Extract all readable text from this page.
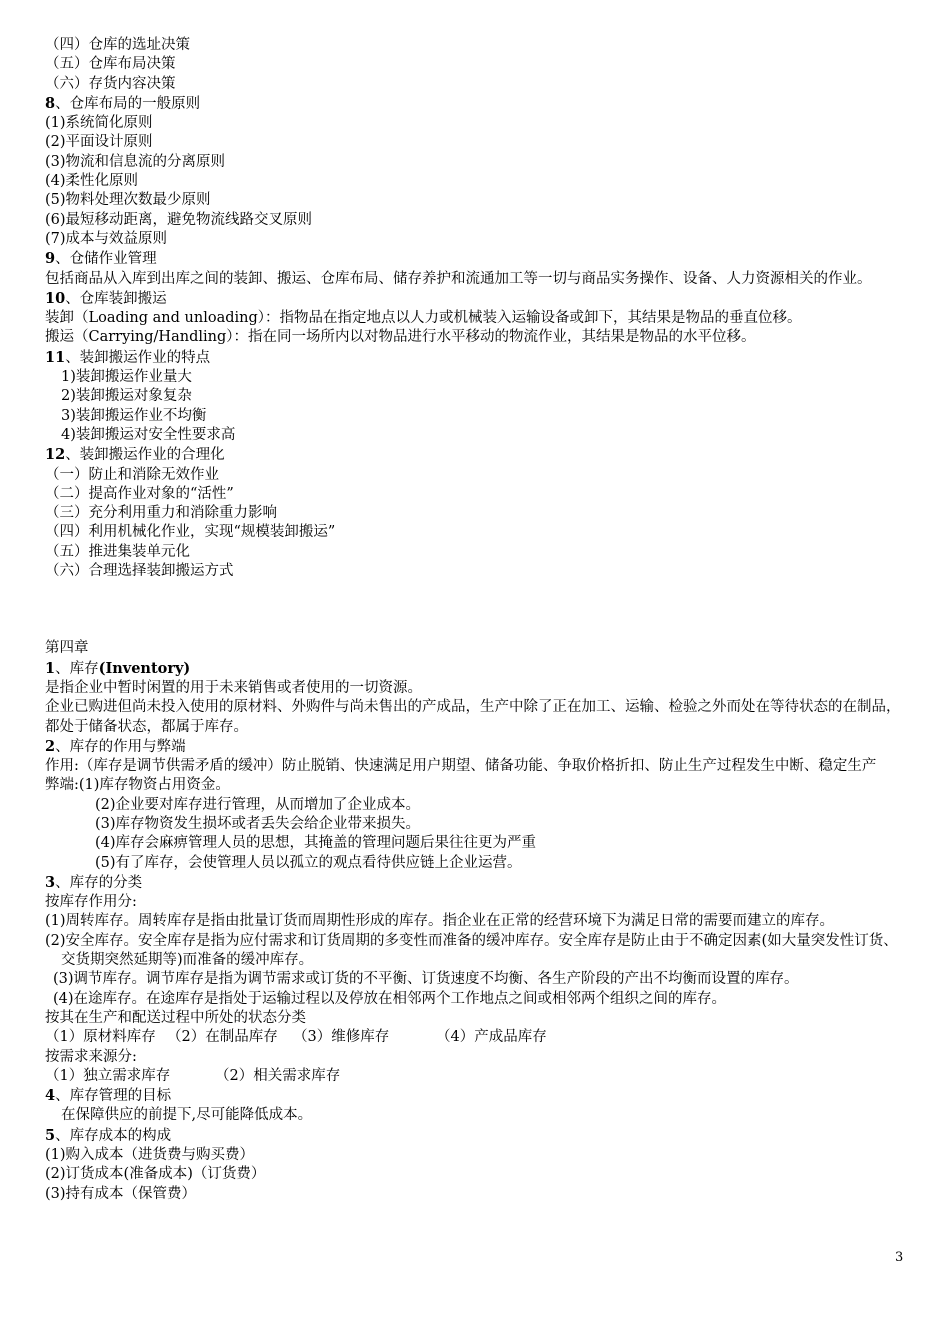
（四）仓库的选址决策
（五）仓库布局决策
（六）存货内容决策
8、仓库布局的一般原则
(1)系统简化原则
(2)平面设计原则
(3)物流和信息流的分离原则
(4)柔性化原则
(5)物料处理次数最少原则
(6)最短移动距离，避免物流线路交叉原则
(7)成本与效益原则
9、仓储作业管理
包括商品从入库到出库之间的装卸、搬运、仓库布局、储存养护和流通加工等一切与商品实务操作、设备、人力资源相关的作业。
10、仓库装卸搬运
装卸（Loading and unloading）：指物品在指定地点以人力或机械装入运输设备或卸下，其结果是物品的垂直位移。
搬运（Carrying/Handling）：指在同一场所内以对物品进行水平移动的物流作业，其结果是物品的水平位移。
11、装卸搬运作业的特点
1)装卸搬运作业量大
2)装卸搬运对象复杂
3)装卸搬运作业不均衡
4)装卸搬运对安全性要求高
12、装卸搬运作业的合理化
（一）防止和消除无效作业
（二）提高作业对象的“活性”
（三）充分利用重力和消除重力影响
（四）利用机械化作业，实现“规模装卸搬运”
（五）推进集装单元化
（六）合理选择装卸搬运方式
第四章
1、库存(Inventory)
是指企业中暂时闲置的用于未来销售或者使用的一切资源。
企业已购进但尚未投入使用的原材料、外购件与尚未售出的产成品，生产中除了正在加工、运输、检验之外而处在等待状态的在制品，都处于储备状态，都属于库存。
2、库存的作用与弊端
作用:（库存是调节供需矛盾的缓冲）防止脱销、快速满足用户期望、储备功能、争取价格折扣、防止生产过程发生中断、稳定生产
弊端:(1)库存物资占用资金。
(2)企业要对库存进行管理，从而增加了企业成本。
(3)库存物资发生损坏或者丢失会给企业带来损失。
(4)库存会麻痹管理人员的思想，其掩盖的管理问题后果往往更为严重
(5)有了库存，会使管理人员以孤立的观点看待供应链上企业运营。
3、库存的分类
按库存作用分:
(1)周转库存。周转库存是指由批量订货而周期性形成的库存。指企业在正常的经营环境下为满足日常的需要而建立的库存。
(2)安全库存。安全库存是指为应付需求和订货周期的多变性而准备的缓冲库存。安全库存是防止由于不确定因素(如大量突发性订货、交货期突然延期等)而准备的缓冲库存。
(3)调节库存。调节库存是指为调节需求或订货的不平衡、订货速度不均衡、各生产阶段的产出不均衡而设置的库存。
(4)在途库存。在途库存是指处于运输过程以及停放在相邻两个工作地点之间或相邻两个组织之间的库存。
按其在生产和配送过程中所处的状态分类
（1）原材料库存 （2）在制品库存 （3）维修库存	（4）产成品库存
按需求来源分:
（1）独立需求库存	（2）相关需求库存
4、库存管理的目标
在保障供应的前提下,尽可能降低成本。
5、库存成本的构成
(1)购入成本（进货费与购买费）
(2)订货成本(准备成本)（订货费）
(3)持有成本（保管费）
3
